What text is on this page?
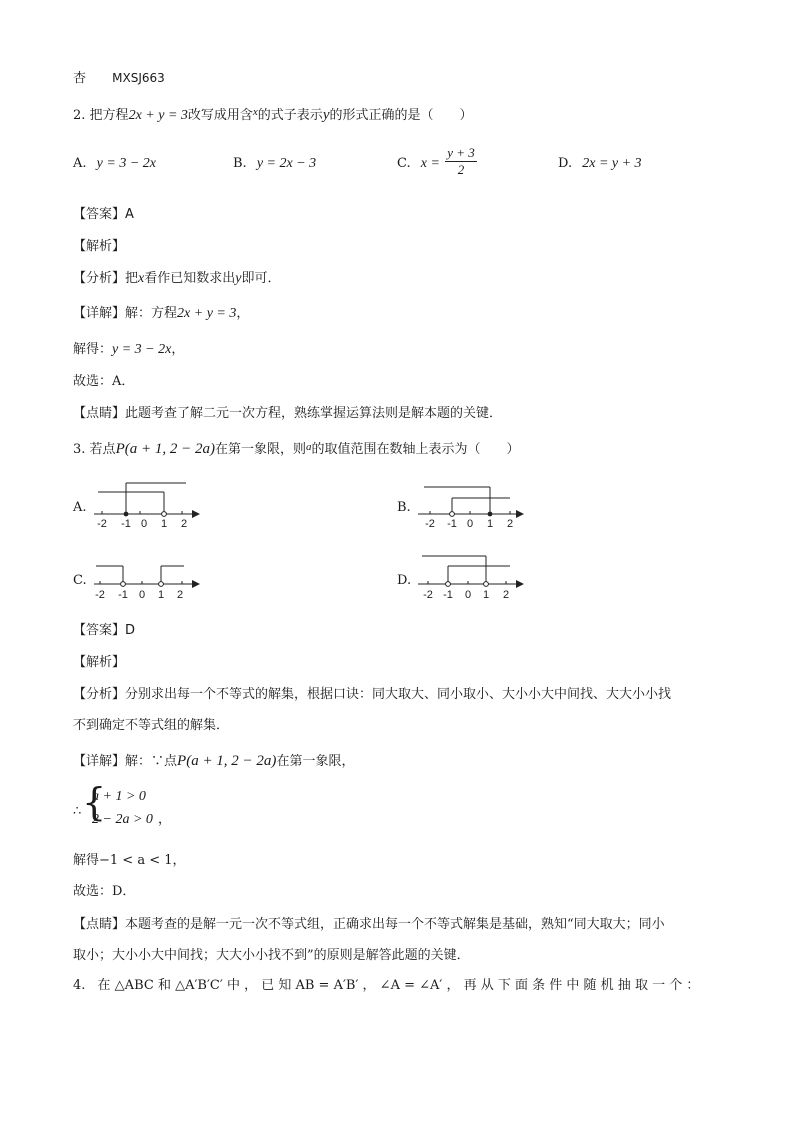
杏 MXSJ663
2. 把方程2x + y = 3改写成用含$^x$的式子表示y的形式正确的是（　　）
A. y = 3 − 2x	B. y = 2x − 3	C. x =
y + 3
2	D. 2x = y + 3
【答案】A
【解析】
【分析】把x看作已知数求出y即可．
【详解】解：方程2x + y = 3，
解得：y = 3 − 2x，
故选：A．
【点睛】此题考查了解二元一次方程，熟练掌握运算法则是解本题的关键．
3. 若点P(a + 1, 2 − 2a)在第一象限，则$^a$的取值范围在数轴上表示为（　　）
A.	B.
C.	D.
-2 -1 0 1 2	-2 -1 0 1 2
-2 -1 0 1 2	-2 -1 0 1 2
【答案】D
【解析】
【分析】分别求出每一个不等式的解集，根据口诀：同大取大、同小取小、大小小大中间找、大大小小找
不到确定不等式组的解集．
【详解】解：∵点P(a + 1, 2 − 2a)在第一象限，
∴ {
a + 1 > 0
2 − 2a > 0 ，
解得−1 < a < 1，
故选：D．
【点睛】本题考查的是解一元一次不等式组，正确求出每一个不等式解集是基础，熟知“同大取大；同小
取小；大小小大中间找；大大小小找不到”的原则是解答此题的关键．
4. 在 △ABC 和 △A′B′C′ 中 ， 已 知 AB = A′B′ ， ∠A = ∠A′ ， 再 从 下 面 条 件 中 随 机 抽 取 一 个 ：
